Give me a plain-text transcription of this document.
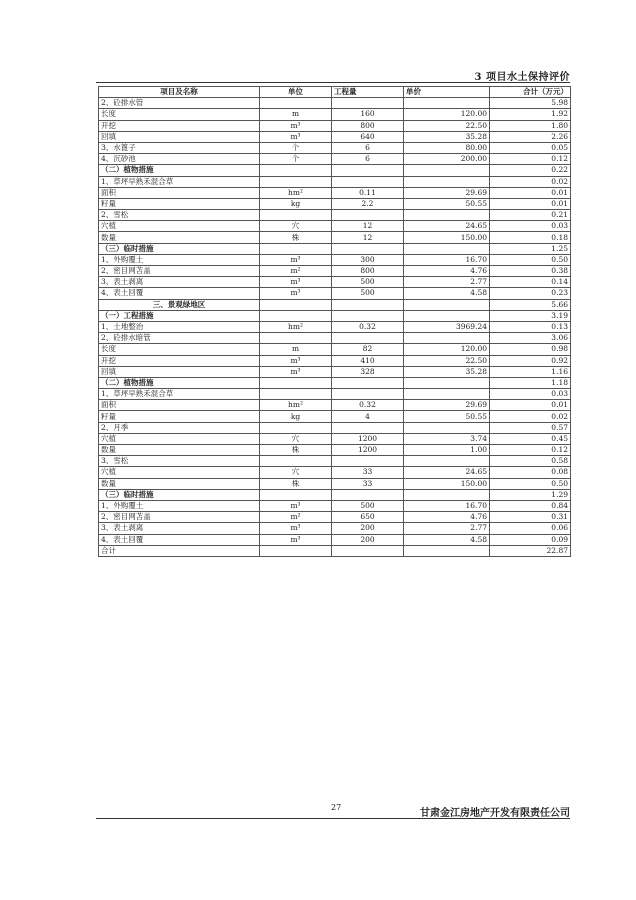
3 项目水土保持评价
项目及名称	单位	工程量	单价	合计（万元）
2、砼排水管				5.98
长度	m	160	120.00	1.92
开挖	m³	800	22.50	1.80
回填	m³	640	35.28	2.26
3、水篦子	个	6	80.00	0.05
4、沉砂池	个	6	200.00	0.12
（二）植物措施				0.22
1、草坪早熟禾混合草				0.02
面积	hm²	0.11	29.69	0.01
籽量	kg	2.2	50.55	0.01
2、雪松				0.21
穴植	穴	12	24.65	0.03
数量	株	12	150.00	0.18
（三）临时措施				1.25
1、外购覆土	m³	300	16.70	0.50
2、密目网苫盖	m²	800	4.76	0.38
3、表土剥离	m³	500	2.77	0.14
4、表土回覆	m³	500	4.58	0.23
三、景观绿地区				5.66
（一）工程措施				3.19
1、土地整治	hm²	0.32	3969.24	0.13
2、砼排水暗管				3.06
长度	m	82	120.00	0.98
开挖	m³	410	22.50	0.92
回填	m³	328	35.28	1.16
（二）植物措施				1.18
1、草坪早熟禾混合草				0.03
面积	hm²	0.32	29.69	0.01
籽量	kg	4	50.55	0.02
2、月季				0.57
穴植	穴	1200	3.74	0.45
数量	株	1200	1.00	0.12
3、雪松				0.58
穴植	穴	33	24.65	0.08
数量	株	33	150.00	0.50
（三）临时措施				1.29
1、外购覆土	m³	500	16.70	0.84
2、密目网苫盖	m²	650	4.76	0.31
3、表土剥离	m³	200	2.77	0.06
4、表土回覆	m³	200	4.58	0.09
合计				22.87
27
甘肃金江房地产开发有限责任公司
